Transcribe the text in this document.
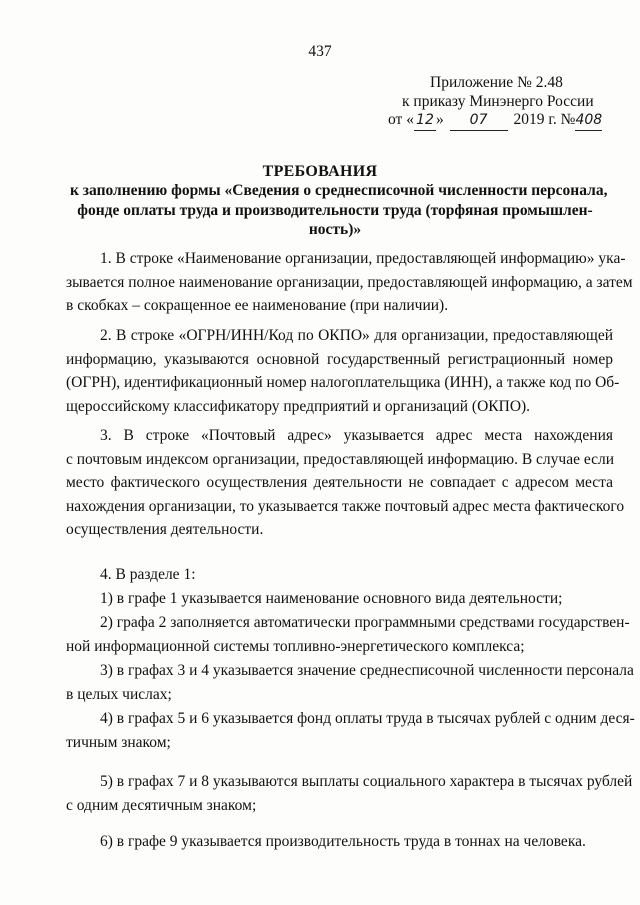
437
Приложение № 2.48
к приказу Минэнерго России
от « 12 » 07 2019 г. №408
ТРЕБОВАНИЯ
к заполнению формы «Сведения о среднесписочной численности персонала,
фонде оплаты труда и производительности труда (торфяная промышлен-
ность)»
1. В строке «Наименование организации, предоставляющей информацию» ука-
зывается полное наименование организации, предоставляющей информацию, а затем
в скобках – сокращенное ее наименование (при наличии).
2. В строке «ОГРН/ИНН/Код по ОКПО» для организации, предоставляющей
информацию, указываются основной государственный регистрационный номер
(ОГРН), идентификационный номер налогоплательщика (ИНН), а также код по Об-
щероссийскому классификатору предприятий и организаций (ОКПО).
3. В строке «Почтовый адрес» указывается адрес места нахождения
с почтовым индексом организации, предоставляющей информацию. В случае если
место фактического осуществления деятельности не совпадает с адресом места
нахождения организации, то указывается также почтовый адрес места фактического
осуществления деятельности.
4. В разделе 1:
1) в графе 1 указывается наименование основного вида деятельности;
2) графа 2 заполняется автоматически программными средствами государствен-
ной информационной системы топливно-энергетического комплекса;
3) в графах 3 и 4 указывается значение среднесписочной численности персонала
в целых числах;
4) в графах 5 и 6 указывается фонд оплаты труда в тысячах рублей с одним деся-
тичным знаком;
5) в графах 7 и 8 указываются выплаты социального характера в тысячах рублей
с одним десятичным знаком;
6) в графе 9 указывается производительность труда в тоннах на человека.
